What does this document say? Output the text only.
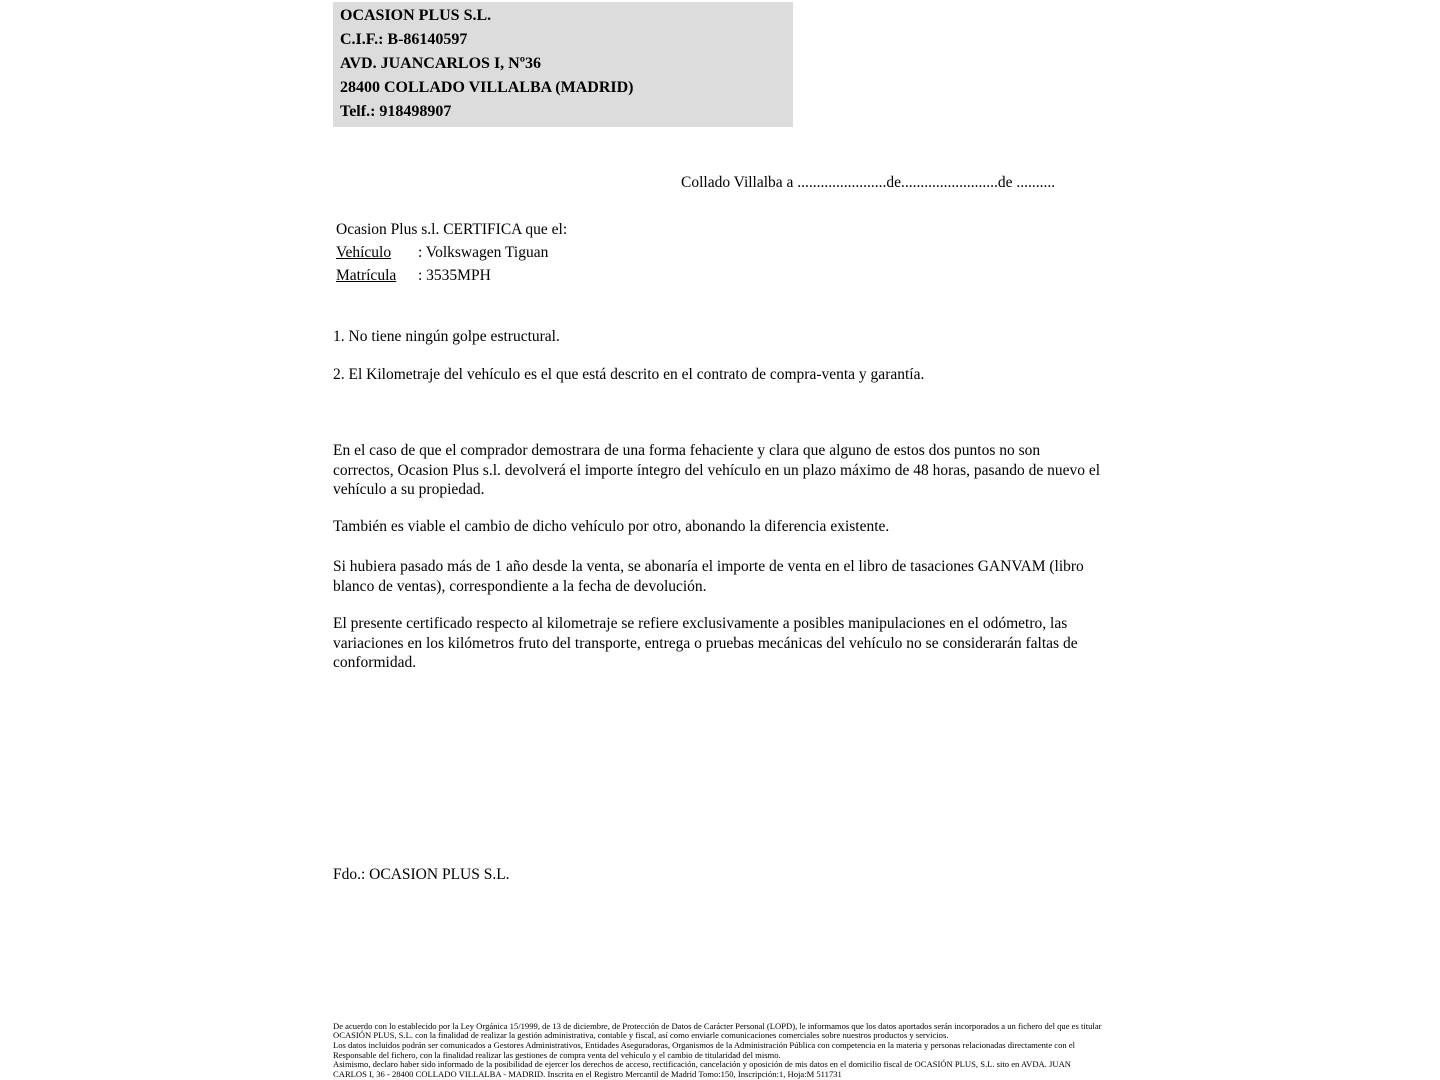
OCASION PLUS S.L.
C.I.F.: B-86140597
AVD. JUANCARLOS I, Nº36
28400 COLLADO VILLALBA (MADRID)
Telf.: 918498907
Collado Villalba a .......................de.........................de ..........
Ocasion Plus s.l. CERTIFICA que el:
Vehículo : Volkswagen Tiguan
Matrícula : 3535MPH
1. No tiene ningún golpe estructural.
2. El Kilometraje del vehículo es el que está descrito en el contrato de compra-venta y garantía.
En el caso de que el comprador demostrara de una forma fehaciente y clara que alguno de estos dos puntos no son correctos, Ocasion Plus s.l. devolverá el importe íntegro del vehículo en un plazo máximo de 48 horas, pasando de nuevo el vehículo a su propiedad.
También es viable el cambio de dicho vehículo por otro, abonando la diferencia existente.
Si hubiera pasado más de 1 año desde la venta, se abonaría el importe de venta en el libro de tasaciones GANVAM (libro blanco de ventas), correspondiente a la fecha de devolución.
El presente certificado respecto al kilometraje se refiere exclusivamente a posibles manipulaciones en el odómetro, las variaciones en los kilómetros fruto del transporte, entrega o pruebas mecánicas del vehículo no se considerarán faltas de conformidad.
Fdo.: OCASION PLUS S.L.
De acuerdo con lo establecido por la Ley Orgánica 15/1999, de 13 de diciembre, de Protección de Datos de Carácter Personal (LOPD), le informamos que los datos aportados serán incorporados a un fichero del que es titular OCASIÓN PLUS, S.L. con la finalidad de realizar la gestión administrativa, contable y fiscal, así como enviarle comunicaciones comerciales sobre nuestros productos y servicios.
Los datos incluidos podrán ser comunicados a Gestores Administrativos, Entidades Aseguradoras, Organismos de la Administración Pública con competencia en la materia y personas relacionadas directamente con el Responsable del fichero, con la finalidad realizar las gestiones de compra venta del vehículo y el cambio de titularidad del mismo.
Asimismo, declaro haber sido informado de la posibilidad de ejercer los derechos de acceso, rectificación, cancelación y oposición de mis datos en el domicilio fiscal de OCASIÓN PLUS, S.L. sito en AVDA. JUAN CARLOS I, 36 - 28400 COLLADO VILLALBA - MADRID. Inscrita en el Registro Mercantil de Madrid Tomo:150, Inscripción:1, Hoja:M 511731
